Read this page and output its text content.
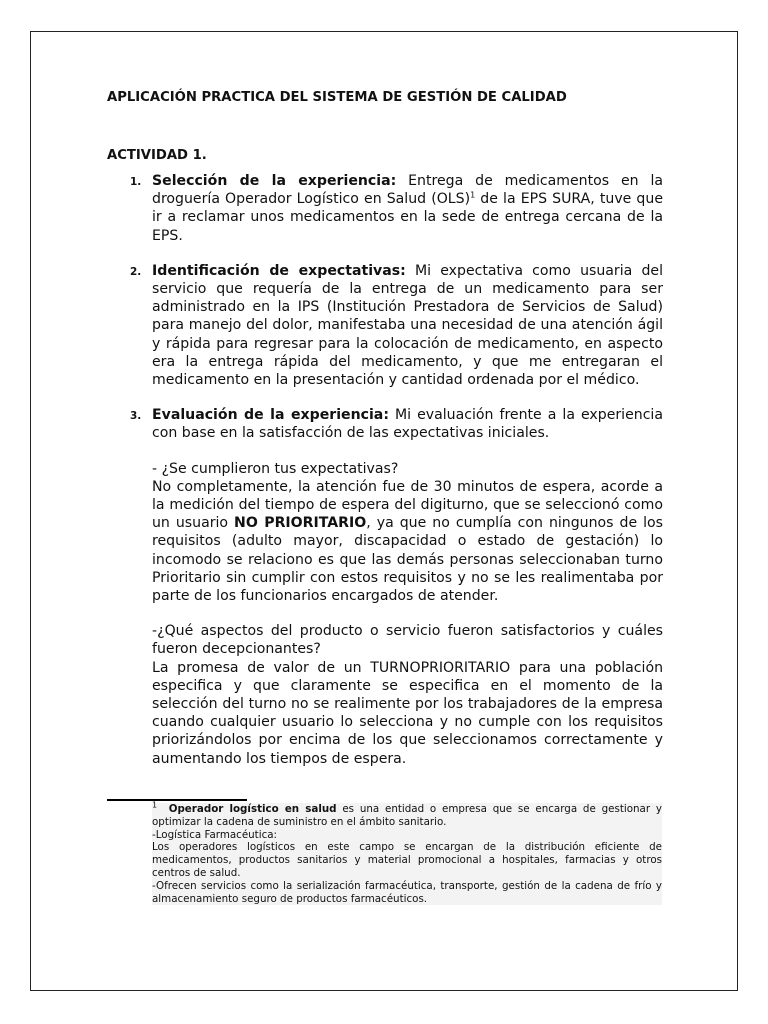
APLICACIÓN PRACTICA DEL SISTEMA DE GESTIÓN DE CALIDAD

ACTIVIDAD 1.

1. Selección de la experiencia: Entrega de medicamentos en la droguería Operador Logístico en Salud (OLS)$^1$ de la EPS SURA, tuve que ir a reclamar unos medicamentos en la sede de entrega cercana de la EPS.
2. Identificación de expectativas: Mi expectativa como usuaria del servicio que requería de la entrega de un medicamento para ser administrado en la IPS (Institución Prestadora de Servicios de Salud) para manejo del dolor, manifestaba una necesidad de una atención ágil y rápida para regresar para la colocación de medicamento, en aspecto era la entrega rápida del medicamento, y que me entregaran el medicamento en la presentación y cantidad ordenada por el médico.
3. Evaluación de la experiencia: Mi evaluación frente a la experiencia con base en la satisfacción de las expectativas iniciales.
- ¿Se cumplieron tus expectativas?
No completamente, la atención fue de 30 minutos de espera, acorde a la medición del tiempo de espera del digiturno, que se seleccionó como un usuario NO PRIORITARIO, ya que no cumplía con ningunos de los requisitos (adulto mayor, discapacidad o estado de gestación) lo incomodo se relaciono es que las demás personas seleccionaban turno Prioritario sin cumplir con estos requisitos y no se les realimentaba por parte de los funcionarios encargados de atender.
-¿Qué aspectos del producto o servicio fueron satisfactorios y cuáles fueron decepcionantes?
La promesa de valor de un TURNOPRIORITARIO para una población especifica y que claramente se especifica en el momento de la selección del turno no se realimente por los trabajadores de la empresa cuando cualquier usuario lo selecciona y no cumple con los requisitos priorizándolos por encima de los que seleccionamos correctamente y aumentando los tiempos de espera.

$^1$ Operador logístico en salud es una entidad o empresa que se encarga de gestionar y optimizar la cadena de suministro en el ámbito sanitario.

-Logística Farmacéutica:

Los operadores logísticos en este campo se encargan de la distribución eficiente de medicamentos, productos sanitarios y material promocional a hospitales, farmacias y otros centros de salud.

-Ofrecen servicios como la serialización farmacéutica, transporte, gestión de la cadena de frío y almacenamiento seguro de productos farmacéuticos.
